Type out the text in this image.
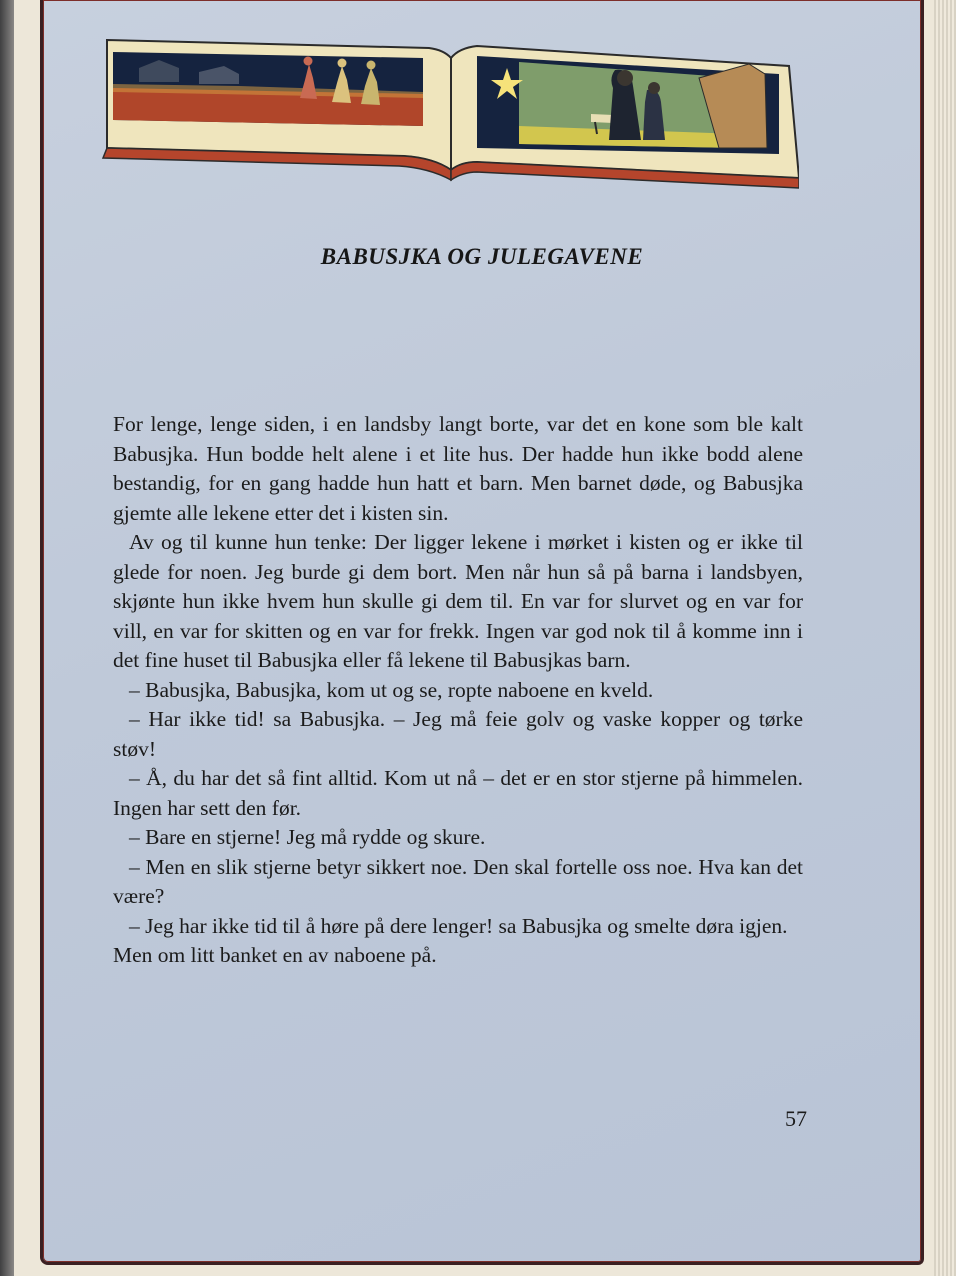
BABUSJKA OG JULEGAVENE

For lenge, lenge siden, i en landsby langt borte, var det en kone som ble kalt Babusjka. Hun bodde helt alene i et lite hus. Der hadde hun ikke bodd alene bestandig, for en gang hadde hun hatt et barn. Men barnet døde, og Babusjka gjemte alle lekene etter det i kisten sin.

Av og til kunne hun tenke: Der ligger lekene i mørket i kisten og er ikke til glede for noen. Jeg burde gi dem bort. Men når hun så på barna i landsbyen, skjønte hun ikke hvem hun skulle gi dem til. En var for slurvet og en var for vill, en var for skitten og en var for frekk. Ingen var god nok til å komme inn i det fine huset til Babusjka eller få lekene til Babusjkas barn.

– Babusjka, Babusjka, kom ut og se, ropte naboene en kveld.

– Har ikke tid! sa Babusjka. – Jeg må feie golv og vaske kopper og tørke støv!

– Å, du har det så fint alltid. Kom ut nå – det er en stor stjerne på himmelen. Ingen har sett den før.

– Bare en stjerne! Jeg må rydde og skure.

– Men en slik stjerne betyr sikkert noe. Den skal fortelle oss noe. Hva kan det være?

– Jeg har ikke tid til å høre på dere lenger! sa Babusjka og smelte døra igjen.

Men om litt banket en av naboene på.

57
